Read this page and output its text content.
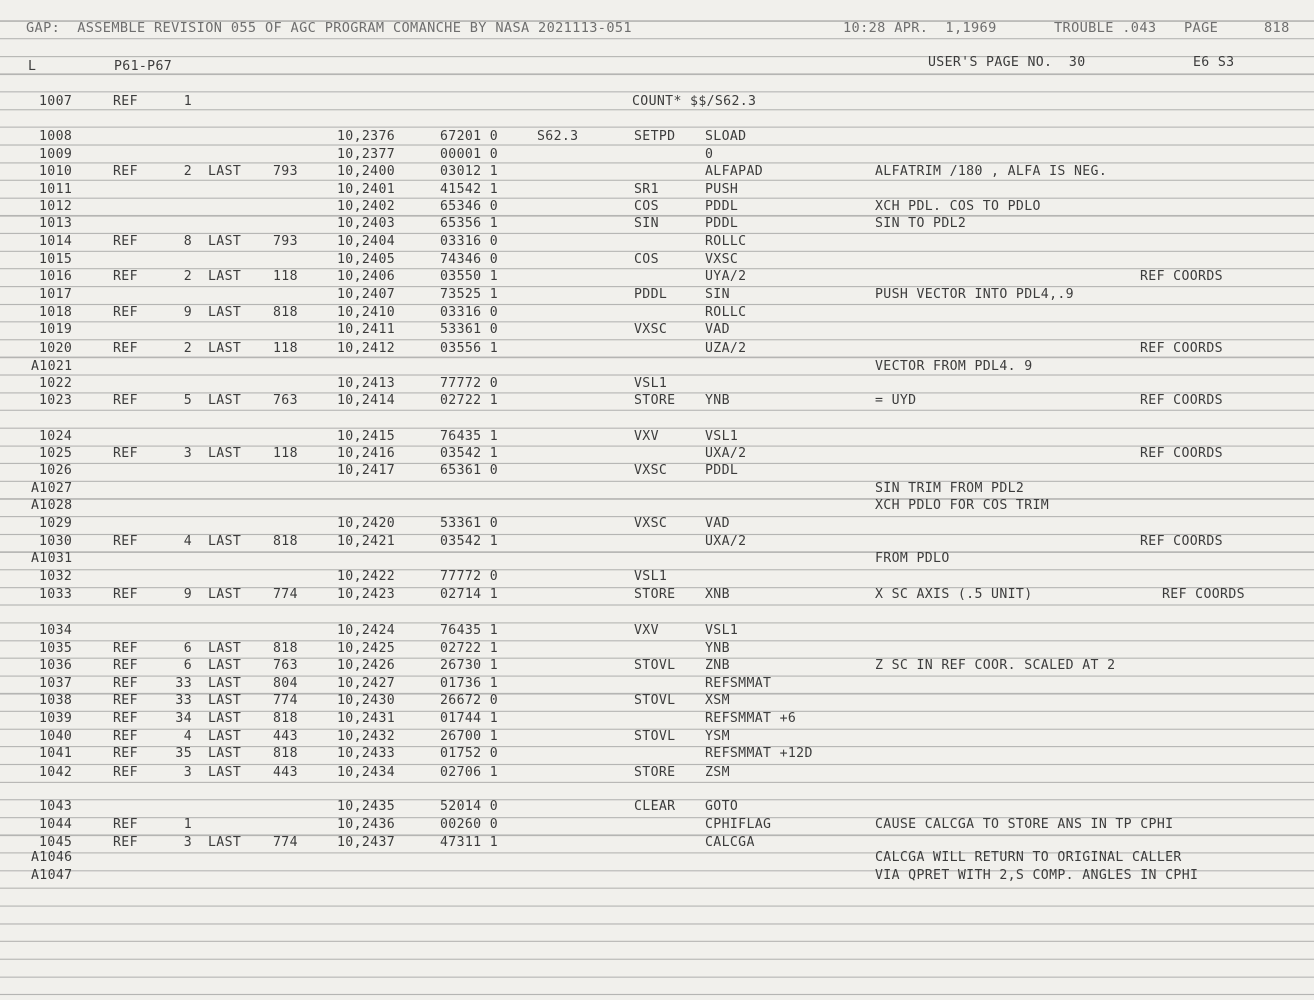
GAP:  ASSEMBLE REVISION 055 OF AGC PROGRAM COMANCHE BY NASA 2021113-051	10:28 APR.  1,1969	TROUBLE .043 PAGE	818
L	P61-P67	USER'S PAGE NO.  30	E6 S3
1007	REF	1	COUNT* $$/S62.3
1008	10,2376	67201 0	S62.3	SETPD SLOAD
1009	10,2377	00001 0	0
1010	REF	2 LAST 793	10,2400	03012 1	ALFAPAD	ALFATRIM /180 , ALFA IS NEG.
1011	10,2401	41542 1	SR1	PUSH
1012	10,2402	65346 0	COS	PDDL	XCH PDL. COS TO PDLO
1013	10,2403	65356 1	SIN	PDDL	SIN TO PDL2
1014	REF	8 LAST 793	10,2404	03316 0	ROLLC
1015	10,2405	74346 0	COS	VXSC
1016	REF	2 LAST 118	10,2406	03550 1	UYA/2	REF COORDS
1017	10,2407	73525 1	PDDL	SIN	PUSH VECTOR INTO PDL4,.9
1018	REF	9 LAST 818	10,2410	03316 0	ROLLC
1019	10,2411	53361 0	VXSC	VAD
1020	REF	2 LAST 118	10,2412	03556 1	UZA/2	REF COORDS
A1021	VECTOR FROM PDL4. 9
1022	10,2413	77772 0	VSL1
1023	REF	5 LAST 763	10,2414	02722 1	STORE YNB	= UYD	REF COORDS
1024	10,2415	76435 1	VXV	VSL1
1025	REF	3 LAST 118	10,2416	03542 1	UXA/2	REF COORDS
1026	10,2417	65361 0	VXSC	PDDL
A1027	SIN TRIM FROM PDL2
A1028	XCH PDLO FOR COS TRIM
1029	10,2420	53361 0	VXSC	VAD
1030	REF	4 LAST 818	10,2421	03542 1	UXA/2	REF COORDS
A1031	FROM PDLO
1032	10,2422	77772 0	VSL1
1033	REF	9 LAST 774	10,2423	02714 1	STORE XNB	X SC AXIS (.5 UNIT)	REF COORDS
1034	10,2424	76435 1	VXV	VSL1
1035	REF	6 LAST 818	10,2425	02722 1	YNB
1036	REF	6 LAST 763	10,2426	26730 1	STOVL ZNB	Z SC IN REF COOR. SCALED AT 2
1037	REF	33 LAST 804	10,2427	01736 1	REFSMMAT
1038	REF	33 LAST 774	10,2430	26672 0	STOVL XSM
1039	REF	34 LAST 818	10,2431	01744 1	REFSMMAT +6
1040	REF	4 LAST 443	10,2432	26700 1	STOVL YSM
1041	REF	35 LAST 818	10,2433	01752 0	REFSMMAT +12D
1042	REF	3 LAST 443	10,2434	02706 1	STORE ZSM
1043	10,2435	52014 0	CLEAR GOTO
1044	REF	1	10,2436	00260 0	CPHIFLAG	CAUSE CALCGA TO STORE ANS IN TP CPHI
1045	REF	3 LAST 774	10,2437	47311 1	CALCGA
A1046	CALCGA WILL RETURN TO ORIGINAL CALLER
A1047	VIA QPRET WITH 2,S COMP. ANGLES IN CPHI
